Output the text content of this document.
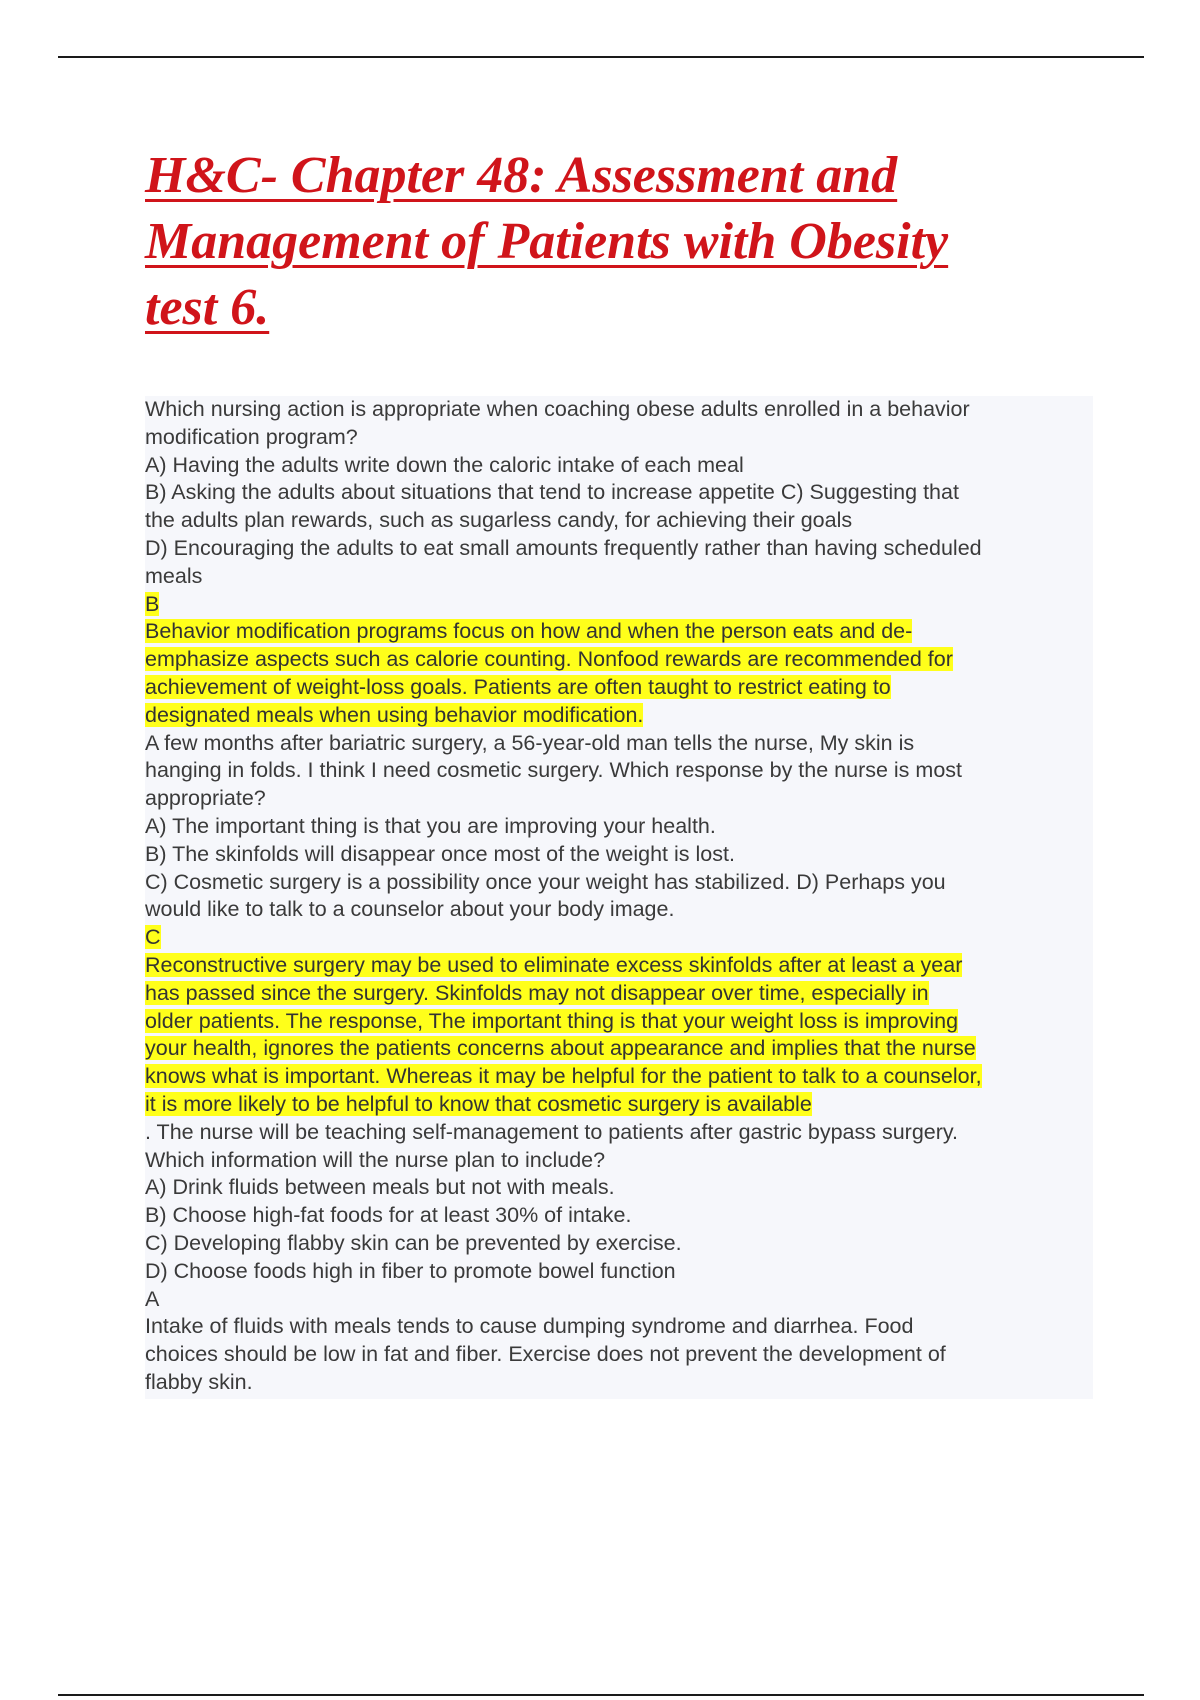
H&C- Chapter 48: Assessment and
Management of Patients with Obesity
test 6.
Which nursing action is appropriate when coaching obese adults enrolled in a behavior
modification program?
A) Having the adults write down the caloric intake of each meal
B) Asking the adults about situations that tend to increase appetite C) Suggesting that
the adults plan rewards, such as sugarless candy, for achieving their goals
D) Encouraging the adults to eat small amounts frequently rather than having scheduled
meals
B
Behavior modification programs focus on how and when the person eats and de-
emphasize aspects such as calorie counting. Nonfood rewards are recommended for
achievement of weight-loss goals. Patients are often taught to restrict eating to
designated meals when using behavior modification.
A few months after bariatric surgery, a 56-year-old man tells the nurse, My skin is
hanging in folds. I think I need cosmetic surgery. Which response by the nurse is most
appropriate?
A) The important thing is that you are improving your health.
B) The skinfolds will disappear once most of the weight is lost.
C) Cosmetic surgery is a possibility once your weight has stabilized. D) Perhaps you
would like to talk to a counselor about your body image.
C
Reconstructive surgery may be used to eliminate excess skinfolds after at least a year
has passed since the surgery. Skinfolds may not disappear over time, especially in
older patients. The response, The important thing is that your weight loss is improving
your health, ignores the patients concerns about appearance and implies that the nurse
knows what is important. Whereas it may be helpful for the patient to talk to a counselor,
it is more likely to be helpful to know that cosmetic surgery is available
. The nurse will be teaching self-management to patients after gastric bypass surgery.
Which information will the nurse plan to include?
A) Drink fluids between meals but not with meals.
B) Choose high-fat foods for at least 30% of intake.
C) Developing flabby skin can be prevented by exercise.
D) Choose foods high in fiber to promote bowel function
A
Intake of fluids with meals tends to cause dumping syndrome and diarrhea. Food
choices should be low in fat and fiber. Exercise does not prevent the development of
flabby skin.
